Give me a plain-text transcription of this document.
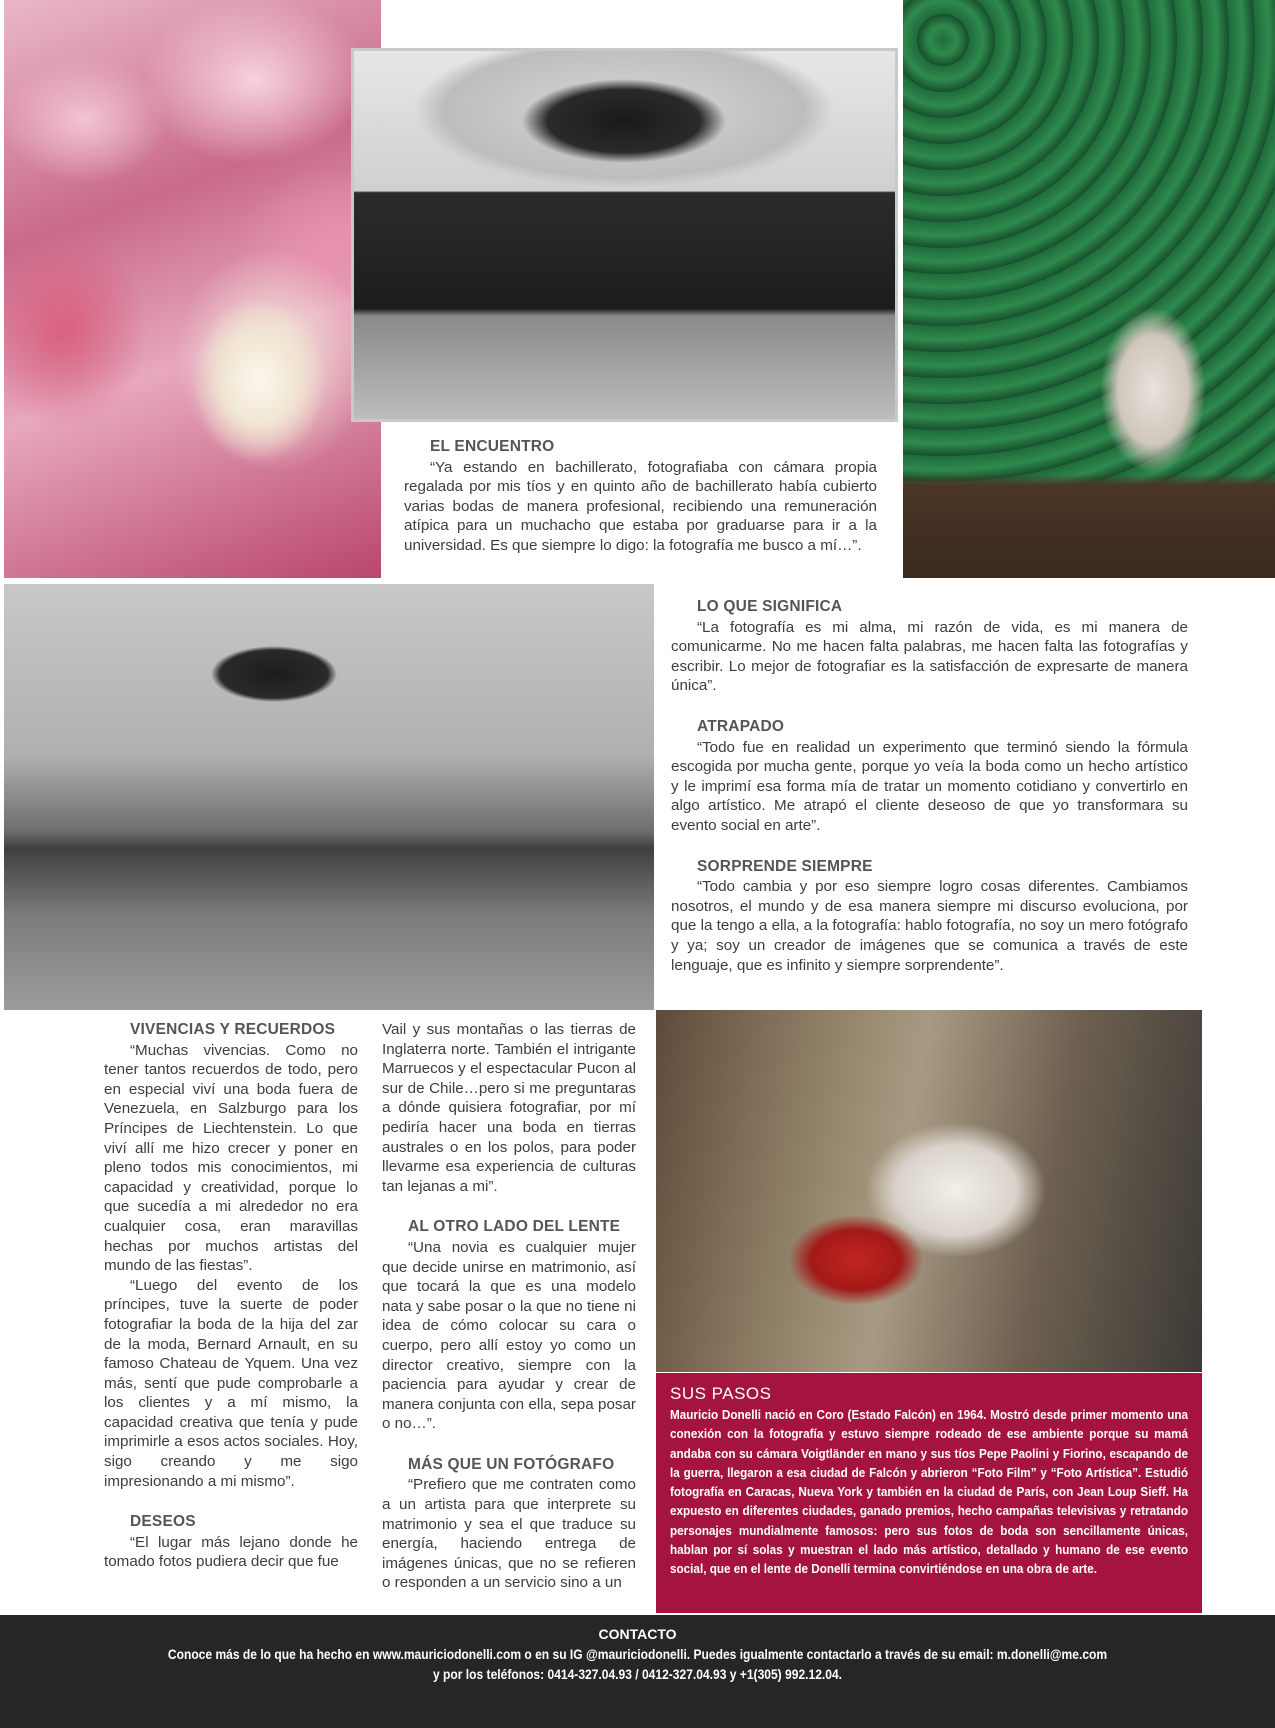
EL ENCUENTRO

“Ya estando en bachillerato, fotografiaba con cámara propia regalada por mis tíos y en quinto año de bachillerato había cubierto varias bodas de manera profesional, recibiendo una remuneración atípica para un muchacho que estaba por graduarse para ir a la universidad. Es que siempre lo digo: la fotografía me busco a mí…”.

LO QUE SIGNIFICA

“La fotografía es mi alma, mi razón de vida, es mi manera de comunicarme. No me hacen falta palabras, me hacen falta las fotografías y escribir. Lo mejor de fotografiar es la satisfacción de expresarte de manera única”.

ATRAPADO

“Todo fue en realidad un experimento que terminó siendo la fórmula escogida por mucha gente, porque yo veía la boda como un hecho artístico y le imprimí esa forma mía de tratar un momento cotidiano y convertirlo en algo artístico. Me atrapó el cliente deseoso de que yo transformara su evento social en arte”.

SORPRENDE SIEMPRE

“Todo cambia y por eso siempre logro cosas diferentes. Cambiamos nosotros, el mundo y de esa manera siempre mi discurso evoluciona, por que la tengo a ella, a la fotografía: hablo fotografía, no soy un mero fotógrafo y ya; soy un creador de imágenes que se comunica a través de este lenguaje, que es infinito y siempre sorprendente”.

VIVENCIAS Y RECUERDOS

“Muchas vivencias. Como no tener tantos recuerdos de todo, pero en especial viví una boda fuera de Venezuela, en Salzburgo para los Príncipes de Liechtenstein. Lo que viví allí me hizo crecer y poner en pleno todos mis conocimientos, mi capacidad y creatividad, porque lo que sucedía a mi alrededor no era cualquier cosa, eran maravillas hechas por muchos artistas del mundo de las fiestas”.

“Luego del evento de los príncipes, tuve la suerte de poder fotografiar la boda de la hija del zar de la moda, Bernard Arnault, en su famoso Chateau de Yquem. Una vez más, sentí que pude comprobarle a los clientes y a mí mismo, la capacidad creativa que tenía y pude imprimirle a esos actos sociales. Hoy, sigo creando y me sigo impresionando a mi mismo”.

DESEOS

“El lugar más lejano donde he tomado fotos pudiera decir que fue

Vail y sus montañas o las tierras de Inglaterra norte. También el intrigante Marruecos y el espectacular Pucon al sur de Chile…pero si me preguntaras a dónde quisiera fotografiar, por mí pediría hacer una boda en tierras australes o en los polos, para poder llevarme esa experiencia de culturas tan lejanas a mi”.

AL OTRO LADO DEL LENTE

“Una novia es cualquier mujer que decide unirse en matrimonio, así que tocará la que es una modelo nata y sabe posar o la que no tiene ni idea de cómo colocar su cara o cuerpo, pero allí estoy yo como un director creativo, siempre con la paciencia para ayudar y crear de manera conjunta con ella, sepa posar o no…”.

MÁS QUE UN FOTÓGRAFO

“Prefiero que me contraten como a un artista para que interprete su matrimonio y sea el que traduce su energía, haciendo entrega de imágenes únicas, que no se refieren o responden a un servicio sino a un

SUS PASOS
Mauricio Donelli nació en Coro (Estado Falcón) en 1964. Mostró desde primer momento una conexión con la fotografía y estuvo siempre rodeado de ese ambiente porque su mamá andaba con su cámara Voigtländer en mano y sus tíos Pepe Paolini y Fiorino, escapando de la guerra, llegaron a esa ciudad de Falcón y abrieron “Foto Film” y “Foto Artística”. Estudió fotografía en Caracas, Nueva York y también en la ciudad de París, con Jean Loup Sieff. Ha expuesto en diferentes ciudades, ganado premios, hecho campañas televisivas y retratando personajes mundialmente famosos: pero sus fotos de boda son sencillamente únicas, hablan por sí solas y muestran el lado más artístico, detallado y humano de ese evento social, que en el lente de Donelli termina convirtiéndose en una obra de arte.
CONTACTO
Conoce más de lo que ha hecho en www.mauriciodonelli.com o en su IG @mauriciodonelli. Puedes igualmente contactarlo a través de su email: m.donelli@me.com
y por los teléfonos: 0414-327.04.93 / 0412-327.04.93 y +1(305) 992.12.04.
